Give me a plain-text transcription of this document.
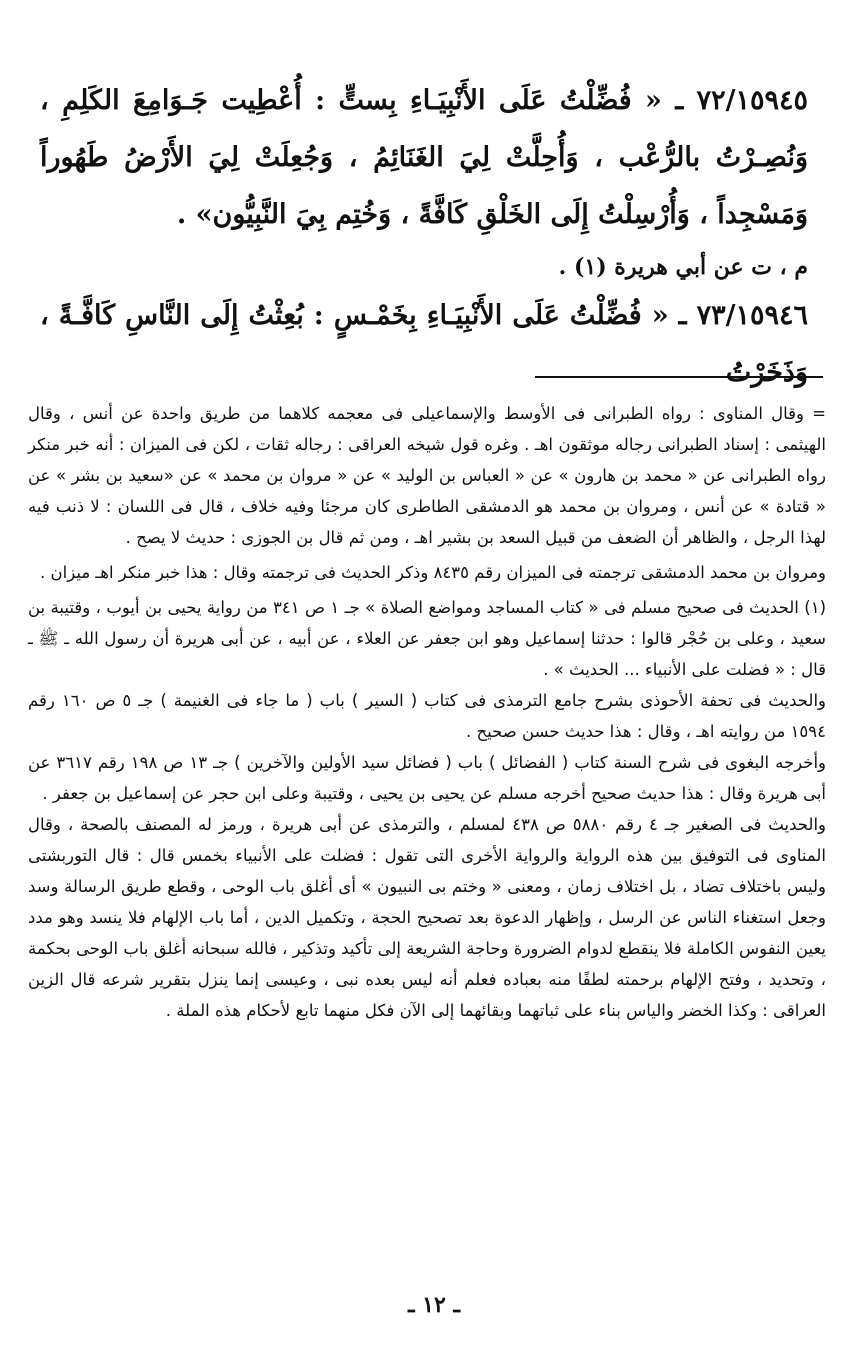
٧٢/١٥٩٤٥ ـ « فُضِّلْتُ عَلَى الأَنْبِيَـاءِ بِستٍّ : أُعْطِيت جَـوَامِعَ الكَلِمِ ، وَنُصِـرْتُ بالرُّعْب ، وَأُحِلَّتْ لِيَ الغَنَائِمُ ، وَجُعِلَتْ لِيَ الأَرْضُ طَهُوراً وَمَسْجِداً ، وَأُرْسِلْتُ إِلَى الخَلْقِ كَافَّةً ، وَخُتِم بِيَ النَّبِيُّون» .

م ، ت عن أبي هريرة (١) .

٧٣/١٥٩٤٦ ـ « فُضِّلْتُ عَلَى الأَنْبِيَـاءِ بِخَمْـسٍ : بُعِثْتُ إِلَى النَّاسِ كَافَّـةً ، وَذَخَرْتُ

= وقال المناوى : رواه الطبرانى فى الأوسط والإسماعيلى فى معجمه كلاهما من طريق واحدة عن أنس ، وقال الهيثمى : إسناد الطبرانى رجاله موثقون اهـ . وغره قول شيخه العراقى : رجاله ثقات ، لكن فى الميزان : أنه خبر منكر رواه الطبرانى عن « محمد بن هارون » عن « العباس بن الوليد » عن « مروان بن محمد » عن «سعيد بن بشر » عن « قتادة » عن أنس ، ومروان بن محمد هو الدمشقى الطاطرى كان مرجئا وفيه خلاف ، قال فى اللسان : لا ذنب فيه لهذا الرجل ، والظاهر أن الضعف من قبيل السعد بن بشير اهـ ، ومن ثم قال بن الجوزى : حديث لا يصح .

ومروان بن محمد الدمشقى ترجمته فى الميزان رقم ٨٤٣٥ وذكر الحديث فى ترجمته وقال : هذا خبر منكر اهـ ميزان .

(١) الحديث فى صحيح مسلم فى « كتاب المساجد ومواضع الصلاة » جـ ١ ص ٣٤١ من رواية يحيى بن أيوب ، وقتيبة بن سعيد ، وعلى بن حُجْر قالوا : حدثنا إسماعيل وهو ابن جعفر عن العلاء ، عن أبيه ، عن أبى هريرة أن رسول الله ـ ﷺ ـ قال : « فضلت على الأنبياء ... الحديث » .

والحديث فى تحفة الأحوذى بشرح جامع الترمذى فى كتاب ( السير ) باب ( ما جاء فى الغنيمة ) جـ ٥ ص ١٦٠ رقم ١٥٩٤ من روايته اهـ ، وقال : هذا حديث حسن صحيح .

وأخرجه البغوى فى شرح السنة كتاب ( الفضائل ) باب ( فضائل سيد الأولين والآخرين ) جـ ١٣ ص ١٩٨ رقم ٣٦١٧ عن أبى هريرة وقال : هذا حديث صحيح أخرجه مسلم عن يحيى بن يحيى ، وقتيبة وعلى ابن حجر عن إسماعيل بن جعفر .

والحديث فى الصغير جـ ٤ رقم ٥٨٨٠ ص ٤٣٨ لمسلم ، والترمذى عن أبى هريرة ، ورمز له المصنف بالصحة ، وقال المناوى فى التوفيق بين هذه الرواية والرواية الأخرى التى تقول : فضلت على الأنبياء بخمس قال : قال التوربشتى وليس باختلاف تضاد ، بل اختلاف زمان ، ومعنى « وختم بى النبيون » أى أغلق باب الوحى ، وقطع طريق الرسالة وسد وجعل استغناء الناس عن الرسل ، وإظهار الدعوة بعد تصحيح الحجة ، وتكميل الدين ، أما باب الإلهام فلا ينسد وهو مدد يعين النفوس الكاملة فلا ينقطع لدوام الضرورة وحاجة الشريعة إلى تأكيد وتذكير ، فالله سبحانه أغلق باب الوحى بحكمة ، وتحديد ، وفتح الإلهام برحمته لطفًا منه بعباده فعلم أنه ليس بعده نبى ، وعيسى إنما ينزل بتقرير شرعه قال الزين العراقى : وكذا الخضر والياس بناء على ثباتهما وبقائهما إلى الآن فكل منهما تابع لأحكام هذه الملة .

ـ ١٢ ـ
